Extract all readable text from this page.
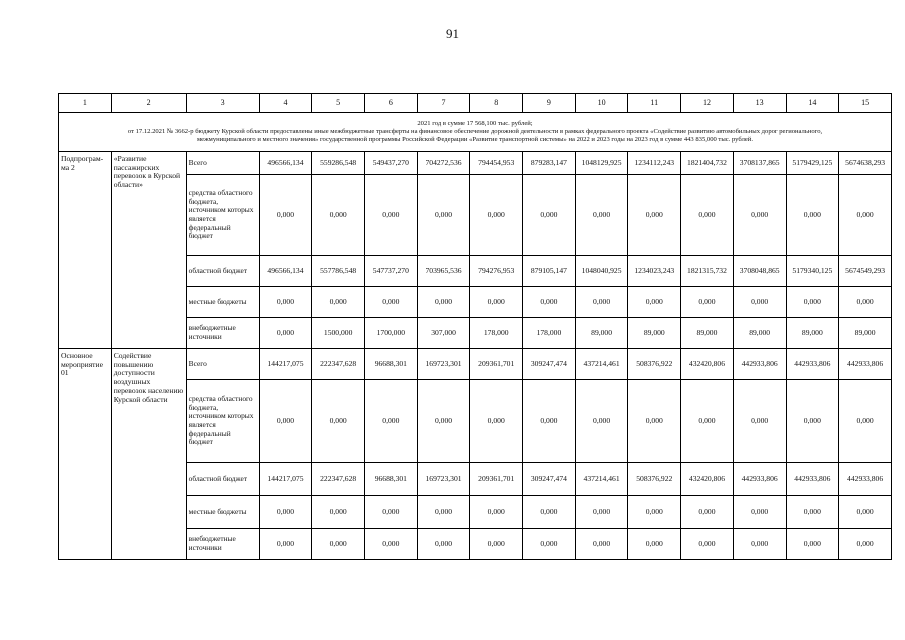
91
1	2	3	4	5	6	7	8	9	10	11	12	13	14	15

2021 год в сумме 17 568,100 тыс. рублей;
от 17.12.2021 № 3662-р бюджету Курской области предоставлены иные межбюджетные трансферты на финансовое обеспечение дорожной деятельности в рамках федерального проекта «Содействие развитию автомобильных дорог регионального,
межмуниципального и местного значения» государственной программы Российской Федерации «Развитие транспортной системы» на 2022 и 2023 годы на 2023 год в сумме 443 835,000 тыс. рублей.														

Подпрограм-ма 2	«Развитие пассажирских перевозок в Курской области»	Всего	496566,134	559286,548	549437,270	704272,536	794454,953	879283,147	1048129,925	1234112,243	1821404,732	3708137,865	5179429,125	5674638,293
		средства областного бюджета, источником которых является федеральный бюджет	0,000	0,000	0,000	0,000	0,000	0,000	0,000	0,000	0,000	0,000	0,000	0,000
		областной бюджет	496566,134	557786,548	547737,270	703965,536	794276,953	879105,147	1048040,925	1234023,243	1821315,732	3708048,865	5179340,125	5674549,293
		местные бюджеты	0,000	0,000	0,000	0,000	0,000	0,000	0,000	0,000	0,000	0,000	0,000	0,000
		внебюджетные источники	0,000	1500,000	1700,000	307,000	178,000	178,000	89,000	89,000	89,000	89,000	89,000	89,000
Основное мероприятие 01	Содействие повышению доступности воздушных перевозок населению Курской области	Всего	144217,075	222347,628	96688,301	169723,301	209361,701	309247,474	437214,461	508376,922	432420,806	442933,806	442933,806	442933,806
		средства областного бюджета, источником которых является федеральный бюджет	0,000	0,000	0,000	0,000	0,000	0,000	0,000	0,000	0,000	0,000	0,000	0,000
		областной бюджет	144217,075	222347,628	96688,301	169723,301	209361,701	309247,474	437214,461	508376,922	432420,806	442933,806	442933,806	442933,806
		местные бюджеты	0,000	0,000	0,000	0,000	0,000	0,000	0,000	0,000	0,000	0,000	0,000	0,000
		внебюджетные источники	0,000	0,000	0,000	0,000	0,000	0,000	0,000	0,000	0,000	0,000	0,000	0,000
